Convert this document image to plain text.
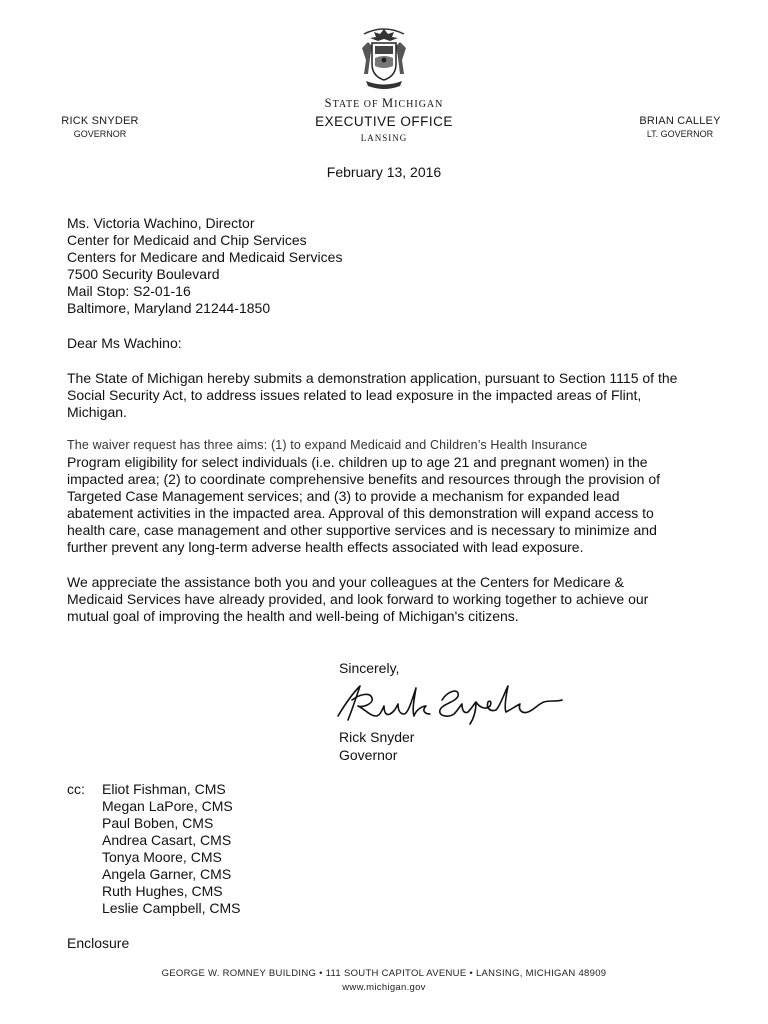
RICK SNYDER
GOVERNOR
BRIAN CALLEY
LT. GOVERNOR
STATE OF MICHIGAN
EXECUTIVE OFFICE
LANSING
February 13, 2016
Ms. Victoria Wachino, Director
Center for Medicaid and Chip Services
Centers for Medicare and Medicaid Services
7500 Security Boulevard
Mail Stop: S2-01-16
Baltimore, Maryland 21244-1850
Dear Ms Wachino:
The State of Michigan hereby submits a demonstration application, pursuant to Section 1115 of the
Social Security Act, to address issues related to lead exposure in the impacted areas of Flint,
Michigan.
The waiver request has three aims: (1) to expand Medicaid and Children’s Health Insurance
Program eligibility for select individuals (i.e. children up to age 21 and pregnant women) in the
impacted area; (2) to coordinate comprehensive benefits and resources through the provision of
Targeted Case Management services; and (3) to provide a mechanism for expanded lead
abatement activities in the impacted area. Approval of this demonstration will expand access to
health care, case management and other supportive services and is necessary to minimize and
further prevent any long-term adverse health effects associated with lead exposure.
We appreciate the assistance both you and your colleagues at the Centers for Medicare &
Medicaid Services have already provided, and look forward to working together to achieve our
mutual goal of improving the health and well-being of Michigan's citizens.
Sincerely,
Rick Snyder
Governor
cc:	Eliot Fishman, CMS
Megan LaPore, CMS
Paul Boben, CMS
Andrea Casart, CMS
Tonya Moore, CMS
Angela Garner, CMS
Ruth Hughes, CMS
Leslie Campbell, CMS
Enclosure
GEORGE W. ROMNEY BUILDING • 111 SOUTH CAPITOL AVENUE • LANSING, MICHIGAN 48909
www.michigan.gov
